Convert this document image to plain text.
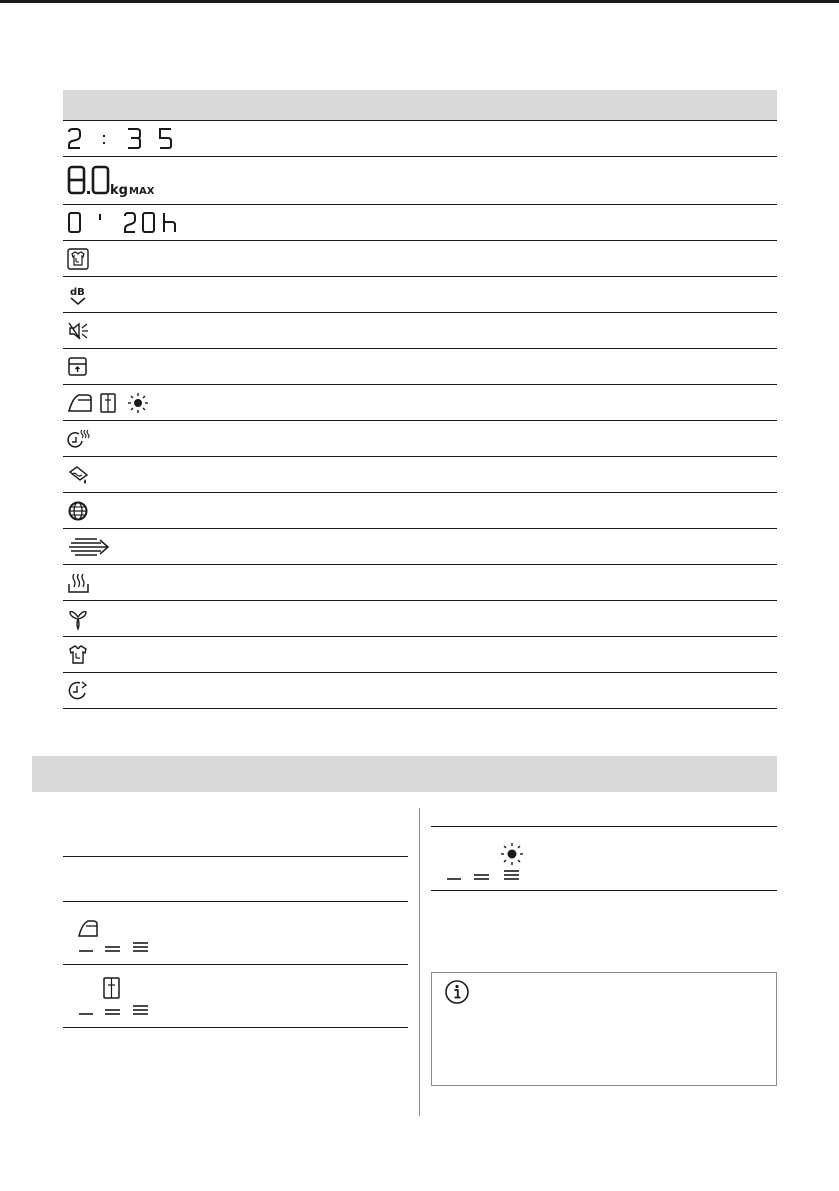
kg MAX
dB
